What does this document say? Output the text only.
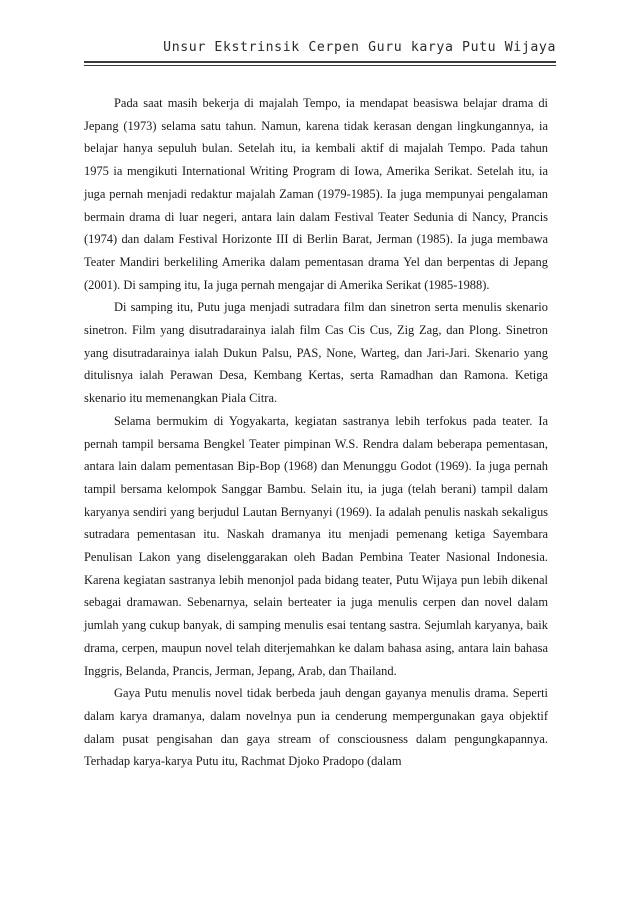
Unsur Ekstrinsik Cerpen Guru karya Putu Wijaya

Pada saat masih bekerja di majalah Tempo, ia mendapat beasiswa belajar drama di Jepang (1973) selama satu tahun. Namun, karena tidak kerasan dengan lingkungannya, ia belajar hanya sepuluh bulan. Setelah itu, ia kembali aktif di majalah Tempo. Pada tahun 1975 ia mengikuti International Writing Program di Iowa, Amerika Serikat. Setelah itu, ia juga pernah menjadi redaktur majalah Zaman (1979-1985). Ia juga mempunyai pengalaman bermain drama di luar negeri, antara lain dalam Festival Teater Sedunia di Nancy, Prancis (1974) dan dalam Festival Horizonte III di Berlin Barat, Jerman (1985). Ia juga membawa Teater Mandiri berkeliling Amerika dalam pementasan drama Yel dan berpentas di Jepang (2001). Di samping itu, Ia juga pernah mengajar di Amerika Serikat (1985-1988).

Di samping itu, Putu juga menjadi sutradara film dan sinetron serta menulis skenario sinetron. Film yang disutradarainya ialah film Cas Cis Cus, Zig Zag, dan Plong. Sinetron yang disutradarainya ialah Dukun Palsu, PAS, None, Warteg, dan Jari-Jari. Skenario yang ditulisnya ialah Perawan Desa, Kembang Kertas, serta Ramadhan dan Ramona. Ketiga skenario itu memenangkan Piala Citra.

Selama bermukim di Yogyakarta, kegiatan sastranya lebih terfokus pada teater. Ia pernah tampil bersama Bengkel Teater pimpinan W.S. Rendra dalam beberapa pementasan, antara lain dalam pementasan Bip-Bop (1968) dan Menunggu Godot (1969). Ia juga pernah tampil bersama kelompok Sanggar Bambu. Selain itu, ia juga (telah berani) tampil dalam karyanya sendiri yang berjudul Lautan Bernyanyi (1969). Ia adalah penulis naskah sekaligus sutradara pementasan itu. Naskah dramanya itu menjadi pemenang ketiga Sayembara Penulisan Lakon yang diselenggarakan oleh Badan Pembina Teater Nasional Indonesia. Karena kegiatan sastranya lebih menonjol pada bidang teater, Putu Wijaya pun lebih dikenal sebagai dramawan. Sebenarnya, selain berteater ia juga menulis cerpen dan novel dalam jumlah yang cukup banyak, di samping menulis esai tentang sastra. Sejumlah karyanya, baik drama, cerpen, maupun novel telah diterjemahkan ke dalam bahasa asing, antara lain bahasa Inggris, Belanda, Prancis, Jerman, Jepang, Arab, dan Thailand.

Gaya Putu menulis novel tidak berbeda jauh dengan gayanya menulis drama. Seperti dalam karya dramanya, dalam novelnya pun ia cenderung mempergunakan gaya objektif dalam pusat pengisahan dan gaya stream of consciousness dalam pengungkapannya. Terhadap karya-karya Putu itu, Rachmat Djoko Pradopo (dalam
